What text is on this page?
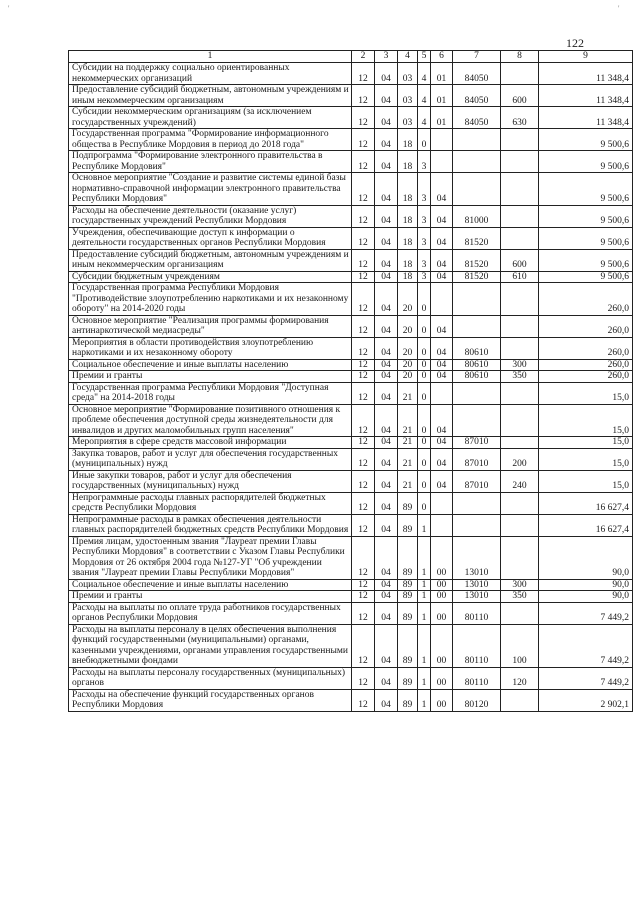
'	'
122
1	2	3	4	5	6	7	8	9
Субсидии на поддержку социально ориентированных некоммерческих организаций	12	04	03	4	01	84050		11 348,4
Предоставление субсидий бюджетным, автономным учреждениям и иным некоммерческим организациям	12	04	03	4	01	84050	600	11 348,4
Субсидии некоммерческим организациям (за исключением государственных учреждений)	12	04	03	4	01	84050	630	11 348,4
Государственная программа "Формирование информационного общества в Республике Мордовия в период до 2018 года"	12	04	18	0				9 500,6
Подпрограмма "Формирование электронного правительства в Республике Мордовия"	12	04	18	3				9 500,6
Основное мероприятие "Создание и развитие системы единой базы нормативно-справочной информации электронного правительства Республики Мордовия"	12	04	18	3	04			9 500,6
Расходы на обеспечение деятельности (оказание услуг) государственных учреждений Республики Мордовия	12	04	18	3	04	81000		9 500,6
Учреждения, обеспечивающие доступ к информации о деятельности государственных органов Республики Мордовия	12	04	18	3	04	81520		9 500,6
Предоставление субсидий бюджетным, автономным учреждениям и иным некоммерческим организациям	12	04	18	3	04	81520	600	9 500,6
Субсидии бюджетным учреждениям	12	04	18	3	04	81520	610	9 500,6
Государственная программа Республики Мордовия "Противодействие злоупотреблению наркотиками и их незаконному обороту" на 2014-2020 годы	12	04	20	0				260,0
Основное мероприятие "Реализация программы формирования антинаркотической медиасреды"	12	04	20	0	04			260,0
Мероприятия в области противодействия злоупотреблению наркотиками и их незаконному обороту	12	04	20	0	04	80610		260,0
Социальное обеспечение и иные выплаты населению	12	04	20	0	04	80610	300	260,0
Премии и гранты	12	04	20	0	04	80610	350	260,0
Государственная программа Республики Мордовия "Доступная среда" на 2014-2018 годы	12	04	21	0				15,0
Основное мероприятие "Формирование позитивного отношения к проблеме обеспечения доступной среды жизнедеятельности для инвалидов и других маломобильных групп населения"	12	04	21	0	04			15,0
Мероприятия в сфере средств массовой информации	12	04	21	0	04	87010		15,0
Закупка товаров, работ и услуг для обеспечения государственных (муниципальных) нужд	12	04	21	0	04	87010	200	15,0
Иные закупки товаров, работ и услуг для обеспечения государственных (муниципальных) нужд	12	04	21	0	04	87010	240	15,0
Непрограммные расходы главных распорядителей бюджетных средств Республики Мордовия	12	04	89	0				16 627,4
Непрограммные расходы в рамках обеспечения деятельности главных распорядителей бюджетных средств Республики Мордовия	12	04	89	1				16 627,4
Премия лицам, удостоенным звания "Лауреат премии Главы Республики Мордовия" в соответствии с Указом Главы Республики Мордовия от 26 октября 2004 года №127-УГ "Об учреждении звания "Лауреат премии Главы Республики Мордовия"	12	04	89	1	00	13010		90,0
Социальное обеспечение и иные выплаты населению	12	04	89	1	00	13010	300	90,0
Премии и гранты	12	04	89	1	00	13010	350	90,0
Расходы на выплаты по оплате труда работников государственных органов Республики Мордовия	12	04	89	1	00	80110		7 449,2
Расходы на выплаты персоналу в целях обеспечения выполнения функций государственными (муниципальными) органами, казенными учреждениями, органами управления государственными внебюджетными фондами	12	04	89	1	00	80110	100	7 449,2
Расходы на выплаты персоналу государственных (муниципальных) органов	12	04	89	1	00	80110	120	7 449,2
Расходы на обеспечение функций государственных органов Республики Мордовия	12	04	89	1	00	80120		2 902,1
